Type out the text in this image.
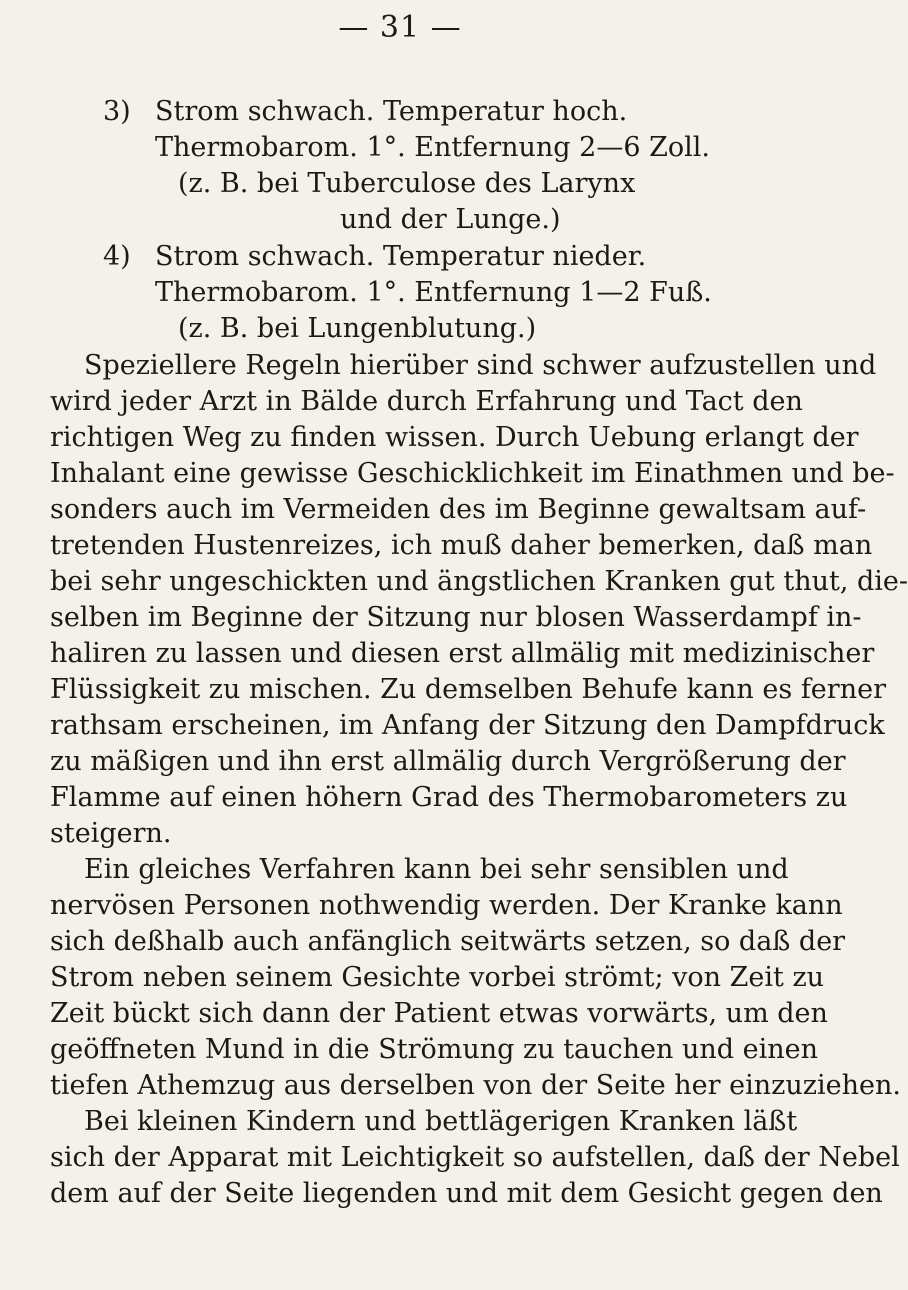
— 31 —
3) Strom schwach. Temperatur hoch.
Thermobarom. 1°. Entfernung 2—6 Zoll.
(z. B. bei Tuberculose des Larynx
und der Lunge.)
4) Strom schwach. Temperatur nieder.
Thermobarom. 1°. Entfernung 1—2 Fuß.
(z. B. bei Lungenblutung.)
Speziellere Regeln hierüber sind schwer aufzustellen und
wird jeder Arzt in Bälde durch Erfahrung und Tact den
richtigen Weg zu finden wissen. Durch Uebung erlangt der
Inhalant eine gewisse Geschicklichkeit im Einathmen und be-
sonders auch im Vermeiden des im Beginne gewaltsam auf-
tretenden Hustenreizes, ich muß daher bemerken, daß man
bei sehr ungeschickten und ängstlichen Kranken gut thut, die-
selben im Beginne der Sitzung nur blosen Wasserdampf in-
haliren zu lassen und diesen erst allmälig mit medizinischer
Flüssigkeit zu mischen. Zu demselben Behufe kann es ferner
rathsam erscheinen, im Anfang der Sitzung den Dampfdruck
zu mäßigen und ihn erst allmälig durch Vergrößerung der
Flamme auf einen höhern Grad des Thermobarometers zu
steigern.
Ein gleiches Verfahren kann bei sehr sensiblen und
nervösen Personen nothwendig werden. Der Kranke kann
sich deßhalb auch anfänglich seitwärts setzen, so daß der
Strom neben seinem Gesichte vorbei strömt; von Zeit zu
Zeit bückt sich dann der Patient etwas vorwärts, um den
geöffneten Mund in die Strömung zu tauchen und einen
tiefen Athemzug aus derselben von der Seite her einzuziehen.
Bei kleinen Kindern und bettlägerigen Kranken läßt
sich der Apparat mit Leichtigkeit so aufstellen, daß der Nebel
dem auf der Seite liegenden und mit dem Gesicht gegen den
